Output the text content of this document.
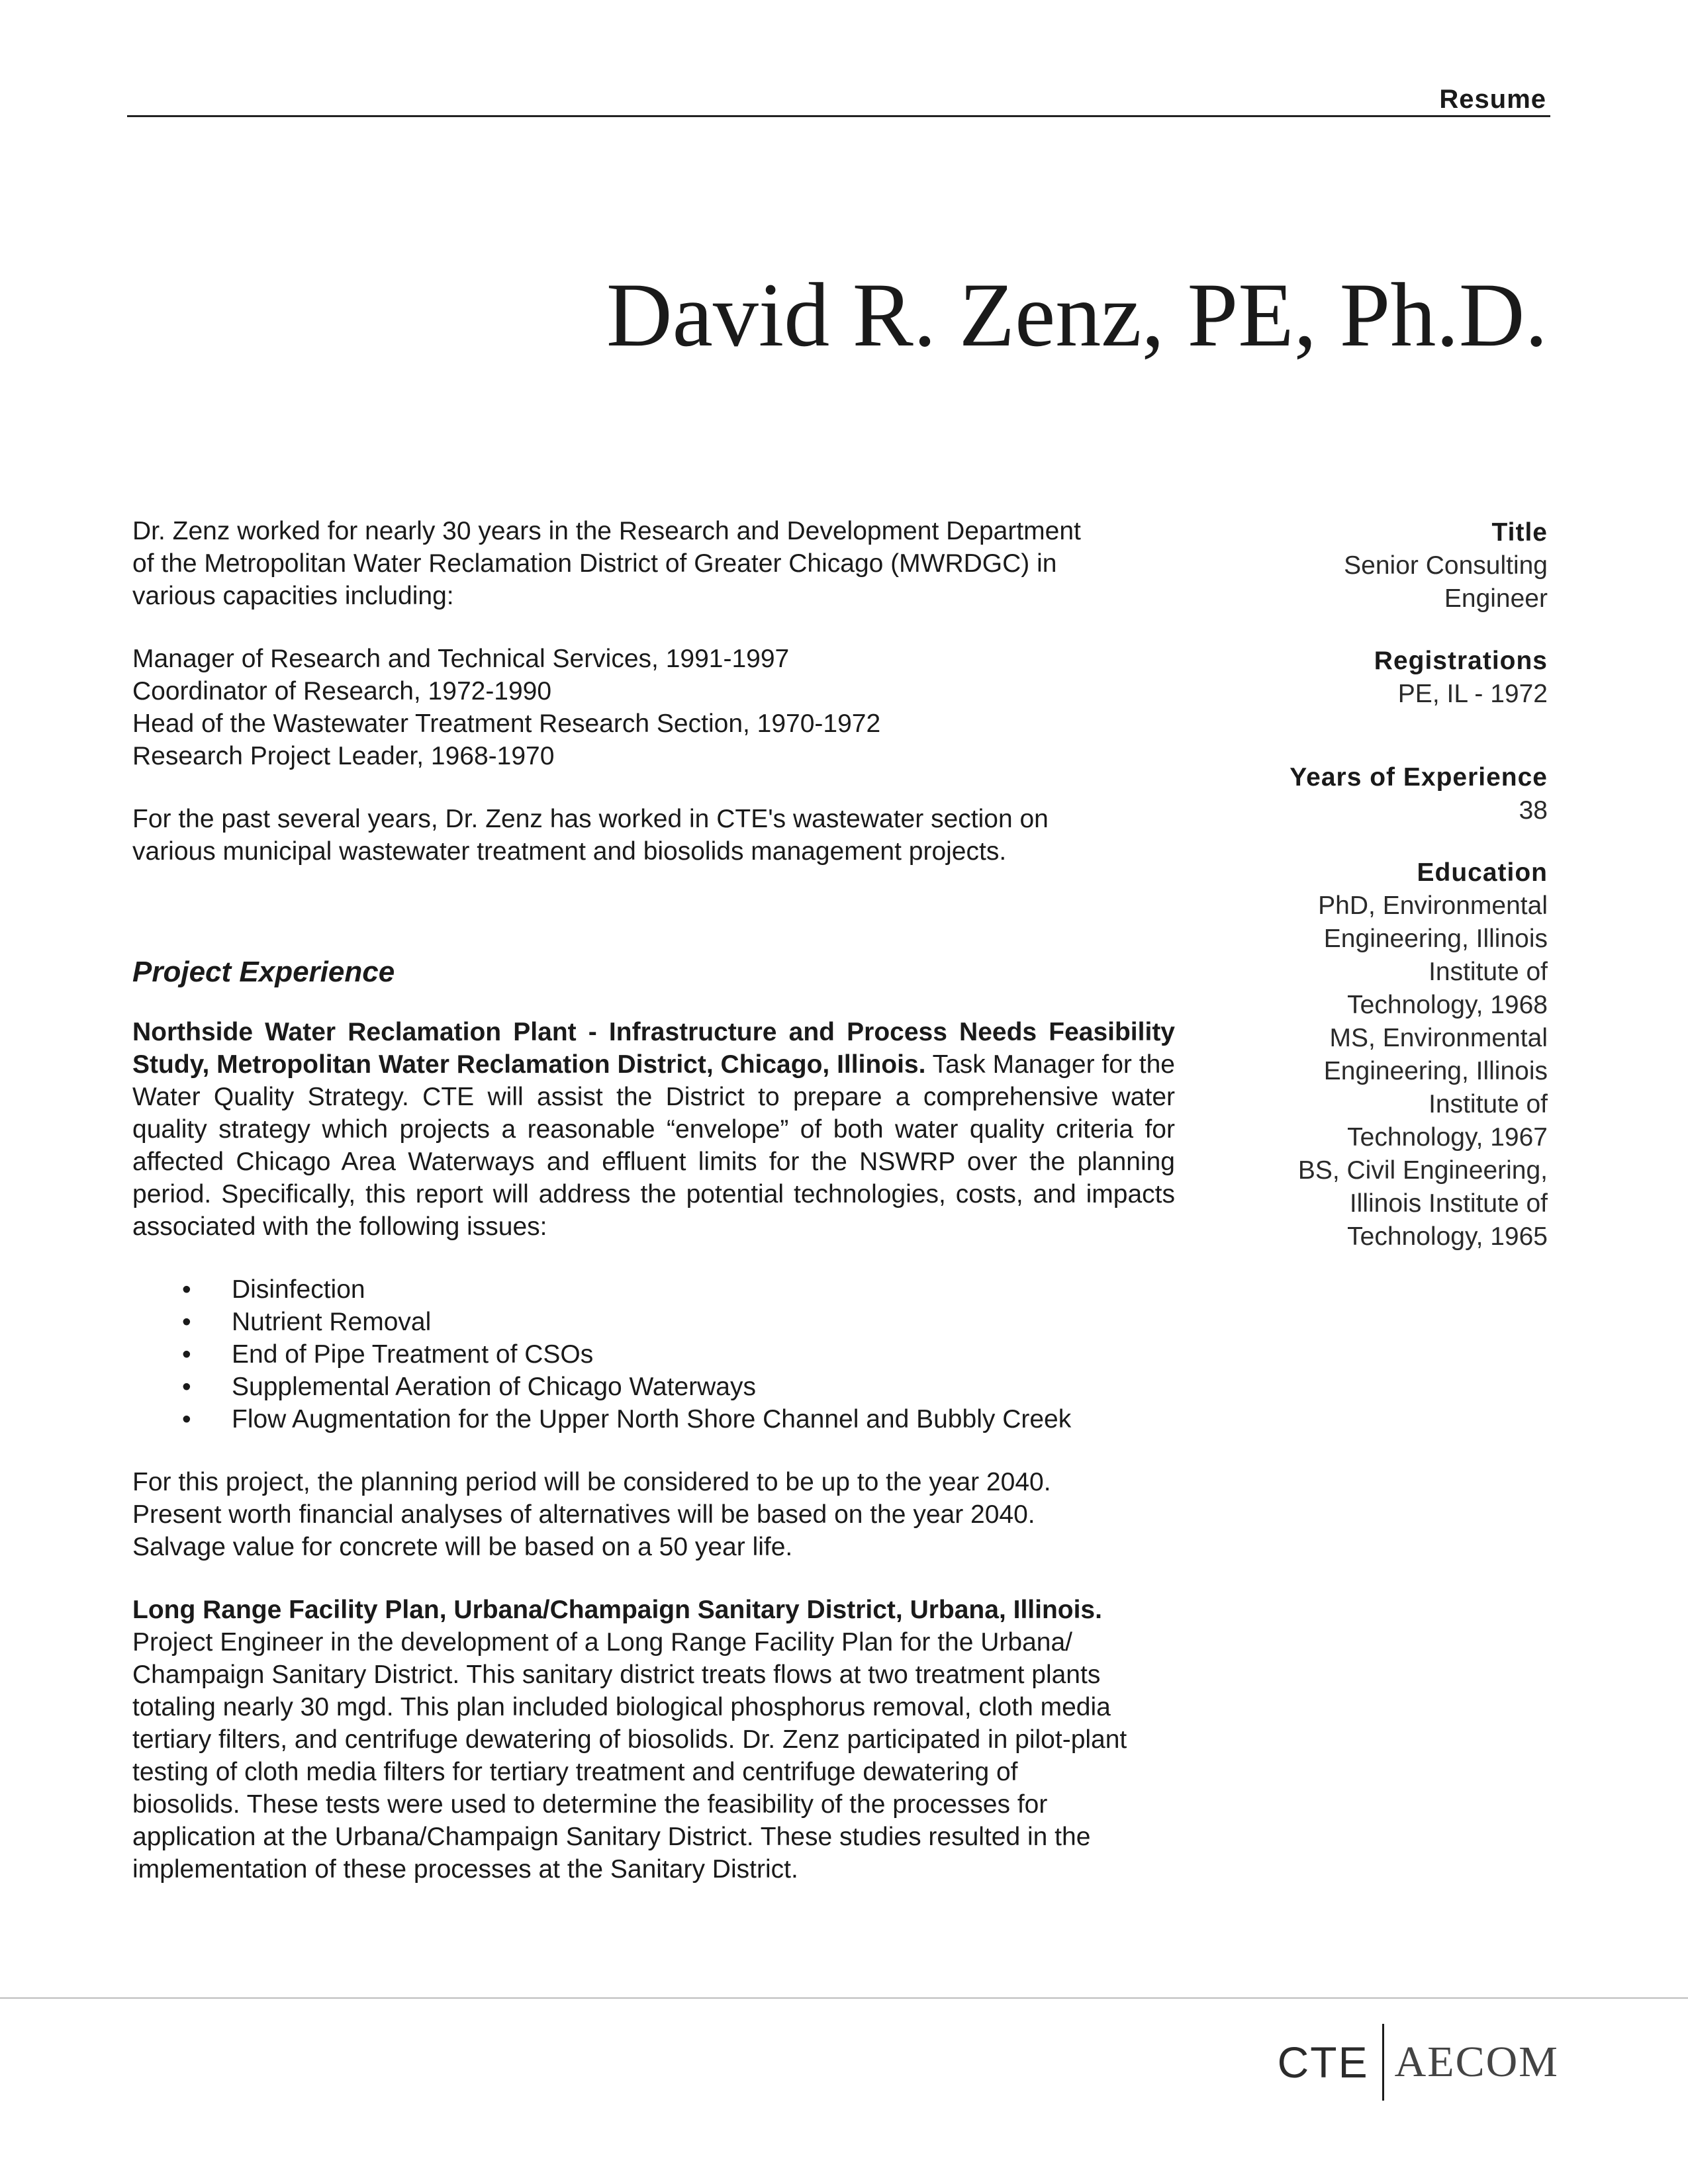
Resume
David R. Zenz, PE, Ph.D.

Dr. Zenz worked for nearly 30 years in the Research and Development Department

of the Metropolitan Water Reclamation District of Greater Chicago (MWRDGC) in

various capacities including:

Manager of Research and Technical Services, 1991-1997

Coordinator of Research, 1972-1990

Head of the Wastewater Treatment Research Section, 1970-1972

Research Project Leader, 1968-1970

For the past several years, Dr. Zenz has worked in CTE's wastewater section on

various municipal wastewater treatment and biosolids management projects.

Project Experience

Northside Water Reclamation Plant - Infrastructure and Process Needs Feasibility Study, Metropolitan Water Reclamation District, Chicago, Illinois. Task Manager for the Water Quality Strategy. CTE will assist the District to prepare a comprehensive water quality strategy which projects a reasonable “envelope” of both water quality criteria for affected Chicago Area Waterways and effluent limits for the NSWRP over the planning period. Specifically, this report will address the potential technologies, costs, and impacts associated with the following issues:

• Disinfection
• Nutrient Removal
• End of Pipe Treatment of CSOs
• Supplemental Aeration of Chicago Waterways
• Flow Augmentation for the Upper North Shore Channel and Bubbly Creek

For this project, the planning period will be considered to be up to the year 2040.

Present worth financial analyses of alternatives will be based on the year 2040.

Salvage value for concrete will be based on a 50 year life.

Long Range Facility Plan, Urbana/Champaign Sanitary District, Urbana, Illinois.

Project Engineer in the development of a Long Range Facility Plan for the Urbana/

Champaign Sanitary District. This sanitary district treats flows at two treatment plants

totaling nearly 30 mgd. This plan included biological phosphorus removal, cloth media

tertiary filters, and centrifuge dewatering of biosolids. Dr. Zenz participated in pilot-plant

testing of cloth media filters for tertiary treatment and centrifuge dewatering of

biosolids. These tests were used to determine the feasibility of the processes for

application at the Urbana/Champaign Sanitary District. These studies resulted in the

implementation of these processes at the Sanitary District.

Title
Senior Consulting
Engineer
Registrations
PE, IL - 1972
Years of Experience
38
Education
PhD, Environmental
Engineering, Illinois
Institute of
Technology, 1968
MS, Environmental
Engineering, Illinois
Institute of
Technology, 1967
BS, Civil Engineering,
Illinois Institute of
Technology, 1965
CTE AECOM
